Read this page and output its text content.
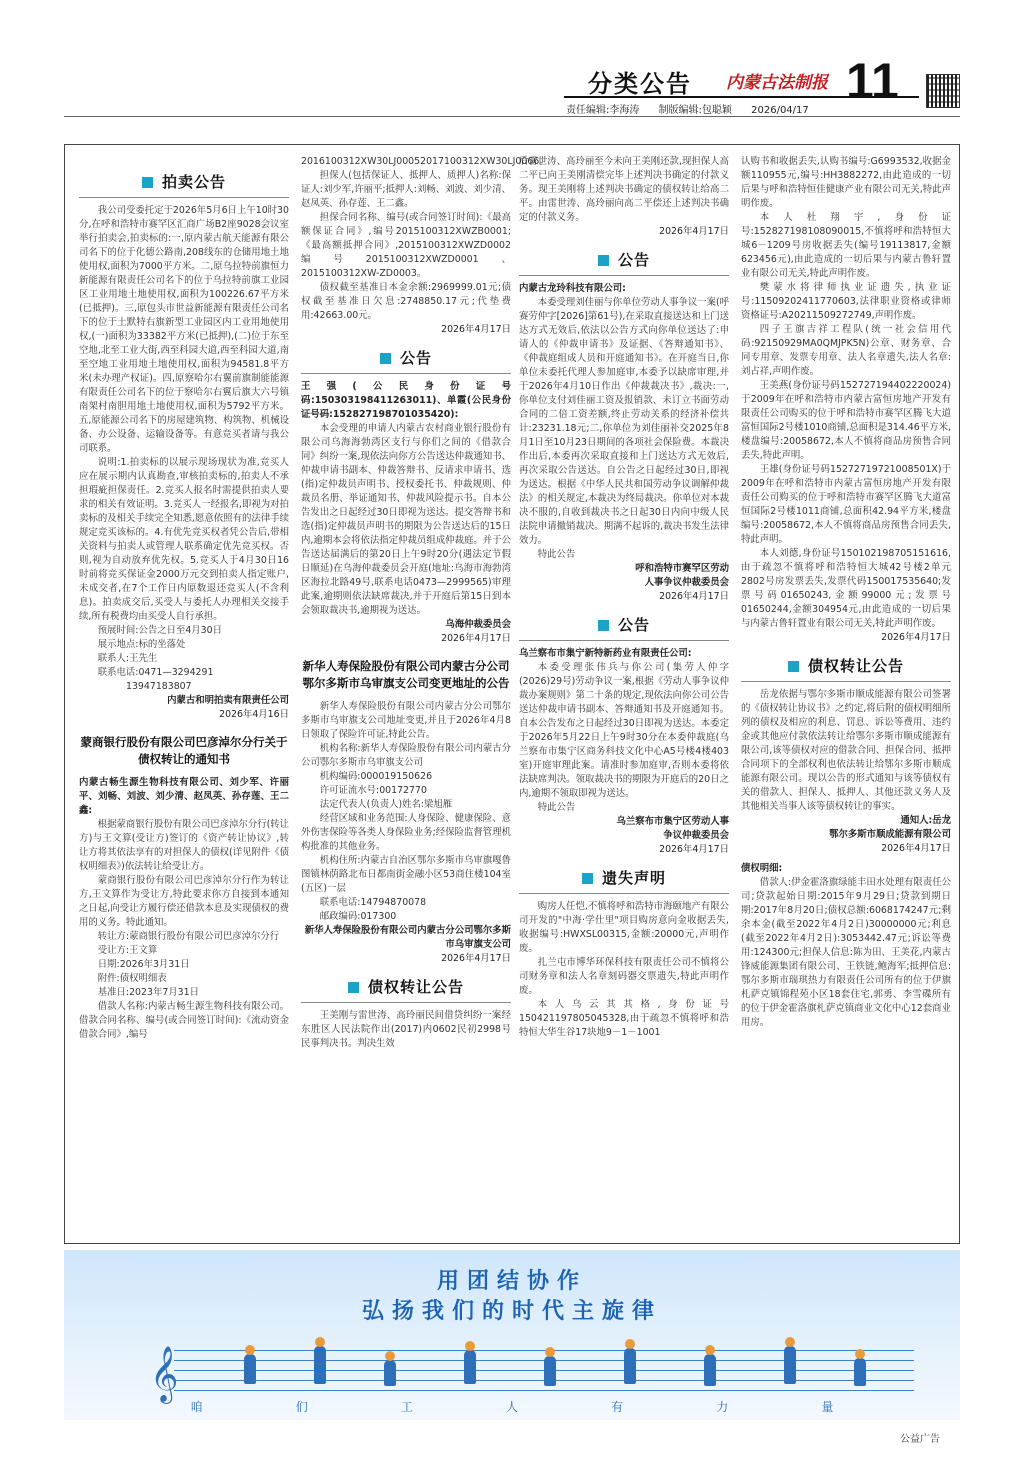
分类公告 内蒙古法制报 11
责任编辑:李海涛 制版编辑:包聪颖 2026/04/17
拍卖公告

我公司受委托定于2026年5月6日上午10时30分,在呼和浩特市赛罕区汇商广场B2座9028会议室举行拍卖会,拍卖标的:一,原内蒙古航天能源有限公司名下的位于化德公路南,208线东的仓储用地土地使用权,面积为7000平方米。二,原乌拉特前旗恒力新能源有限责任公司名下的位于乌拉特前旗工业园区工业用地土地使用权,面积为100226.67平方米(已抵押)。三,原包头市世益新能源有限责任公司名下的位于土默特右旗新型工业园区内工业用地使用权,(一)面积为33382平方米(已抵押),(二)位于东至空地,北至工业大街,西至科园大道,西至科园大道,南至空地工业用地土地使用权,面积为94581.8平方米(未办理产权证)。四,原察哈尔右翼前旗制能能源有限责任公司名下的位于察哈尔右翼后旗大六号镇南架村南胆用地土地使用权,面积为5792平方米。五,原能源公司名下的房屋建筑物、构筑物、机械设备、办公设备、运输设备等。有意竞买者请与我公司联系。

说明:1.拍卖标的以展示现场现状为准,竞买人应在展示期内认真勘查,审核拍卖标的,拍卖人不承担瑕疵担保责任。2.竞买人报名时需提供拍卖人要求的相关有效证明。3.竞买人一经报名,即视为对拍卖标的及相关手续完全知悉,愿意依照有的法律手续规定竞买该标的。4.有优先竞买权者凭公告后,带相关资料与拍卖人或管理人联系确定优先竞买权。否则,视为自动放弃优先权。5.竞买人于4月30日16时前将竞买保证金2000万元交到拍卖人指定账户,未成交者,在7个工作日内原数退还竞买人(不含利息)。拍卖成交后,买受人与委托人办理相关交接手续,所有税费均由买受人自行承担。

预展时间:公告之日至4月30日

展示地点:标的坐落处

联系人:王先生

联系电话:0471—3294291

13947183807

内蒙古和明拍卖有限责任公司

2026年4月16日

蒙商银行股份有限公司巴彦淖尔分行关于债权转让的通知书

内蒙古畅生源生物科技有限公司、刘少军、许丽平、刘畅、刘波、刘少清、赵凤英、孙存莲、王二鑫:

根据蒙商银行股份有限公司巴彦淖尔分行(转让方)与王文算(受让方)签订的《资产转让协议》,转让方将其依法享有的对担保人的债权(详见附件《债权明细表》)依法转让给受让方。

蒙商银行股份有限公司巴彦淖尔分行作为转让方,王文算作为受让方,特此要求你方自接到本通知之日起,向受让方履行偿还借款本息及实现债权的费用的义务。特此通知。

转让方:蒙商银行股份有限公司巴彦淖尔分行

受让方:王文算

日期:2026年3月31日

附件:债权明细表

基准日:2023年7月31日

借款人名称:内蒙古畅生源生物科技有限公司。借款合同名称、编号(或合同签订时间):《流动资金借款合同》,编号

2016100312XW30LJ00052017100312XW30LJ0066。

担保人(包括保证人、抵押人、质押人)名称:保证人:刘少军,许丽平;抵押人:刘畅、刘波、刘少清、赵凤英、孙存莲、王二鑫。

担保合同名称、编号(或合同签订时间):《最高额保证合同》,编号2015100312XWZB0001;《最高额抵押合同》,2015100312XWZD0002 编号2015100312XWZD0001、2015100312XW-ZD0003。

债权截至基准日本金余额:2969999.01元;债权截至基准日欠息:2748850.17元;代垫费用:42663.00元。

2026年4月17日

公告

王强(公民身份证号码:150303198411263011)、单霞(公民身份证号码:152827198701035420):

本会受理的申请人内蒙古农村商业银行股份有限公司乌海海勃湾区支行与你们之间的《借款合同》纠纷一案,现依法向你方公告送达仲裁通知书、仲裁申请书副本、仲裁答辩书、反请求申请书、选(指)定仲裁员声明书、授权委托书、仲裁规则、仲裁员名册、举证通知书、仲裁风险提示书。自本公告发出之日起经过30日即视为送达。提交答辩书和选(指)定仲裁员声明书的期限为公告送达后的15日内,逾期本会将依法指定仲裁员组成仲裁庭。并于公告送达届满后的第20日上午9时20分(遇法定节假日顺延)在乌海仲裁委员会开庭(地址:乌海市海勃湾区海拉北路49号,联系电话0473—2999565)审理此案,逾期则依法缺席裁决,并于开庭后第15日到本会领取裁决书,逾期视为送达。

乌海仲裁委员会

2026年4月17日

新华人寿保险股份有限公司内蒙古分公司鄂尔多斯市乌审旗支公司变更地址的公告

新华人寿保险股份有限公司内蒙古分公司鄂尔多斯市乌审旗支公司地址变更,并且于2026年4月8日领取了保险许可证,特此公告。

机构名称:新华人寿保险股份有限公司内蒙古分公司鄂尔多斯市乌审旗支公司

机构编码:000019150626

许可证流水号:00172770

法定代表人(负责人)姓名:梁旭雁

经营区域和业务范围:人身保险、健康保险、意外伤害保险等各类人身保险业务;经保险监督管理机构批准的其他业务。

机构住所:内蒙古自治区鄂尔多斯市乌审旗嘎鲁图镇林荫路北布日都南街金融小区53商住楼104室(五区)一层

联系电话:14794870078

邮政编码:017300

新华人寿保险股份有限公司内蒙古分公司鄂尔多斯市乌审旗支公司

2026年4月17日

债权转让公告

王美刚与雷世涛、高玲丽民间借贷纠纷一案经东胜区人民法院作出(2017)内0602民初2998号民事判决书。判决生效

后雷世涛、高玲丽至今未向王美刚还款,现担保人高二平已向王美刚清偿完毕上述判决书确定的付款义务。现王美刚将上述判决书确定的债权转让给高二平。由雷世涛、高玲丽向高二平偿还上述判决书确定的付款义务。

2026年4月17日

公告

内蒙古龙玲科技有限公司:

本委受理刘佳丽与你单位劳动人事争议一案(呼赛劳仲字[2026]第61号),在采取直接送达和上门送达方式无效后,依法以公告方式向你单位送达了:申请人的《仲裁申请书》及证据、《答辩通知书》、《仲裁庭组成人员和开庭通知书》。在开庭当日,你单位未委托代理人参加庭审,本委予以缺席审理,并于2026年4月10日作出《仲裁裁决书》,裁决:一,你单位支付刘佳丽工资及报销款、未订立书面劳动合同的二倍工资差额,终止劳动关系的经济补偿共计:23231.18元;二,你单位为刘佳丽补交2025年8月1日至10月23日期间的各项社会保险费。本裁决作出后,本委再次采取直接和上门送达方式无效后,再次采取公告送达。自公告之日起经过30日,即视为送达。根据《中华人民共和国劳动争议调解仲裁法》的相关规定,本裁决为终局裁决。你单位对本裁决不服的,自收到裁决书之日起30日内向中级人民法院申请撤销裁决。期满不起诉的,裁决书发生法律效力。

特此公告

呼和浩特市赛罕区劳动

人事争议仲裁委员会

2026年4月17日

公告

乌兰察布市集宁新特新药业有限责任公司:

本委受理张伟兵与你公司(集劳人仲字(2026)29号)劳动争议一案,根据《劳动人事争议仲裁办案规则》第二十条的规定,现依法向你公司公告送达仲裁申请书副本、答辩通知书及开庭通知书。自本公告发布之日起经过30日即视为送达。本委定于2026年5月22日上午9时30分在本委仲裁庭(乌兰察布市集宁区商务科技文化中心A5号楼4楼403室)开庭审理此案。请准时参加庭审,否则本委将依法缺席判决。领取裁决书的期限为开庭后的20日之内,逾期不领取即视为送达。

特此公告

乌兰察布市集宁区劳动人事

争议仲裁委员会

2026年4月17日

遗失声明

购房人任恺,不慎将呼和浩特市海颐地产有限公司开发的"中海·学仕里"项目购房意向金收据丢失,收据编号:HWXSL00315,金额:20000元,声明作废。

扎兰屯市博华环保科技有限责任公司不慎将公司财务章和法人名章刻码器交票遗失,特此声明作废。

本人乌云其其格,身份证号150421197805045328,由于疏忽不慎将呼和浩特恒大华生谷17块地9－1－1001

认购书和收据丢失,认购书编号:G6993532,收据金额110955元,编号:HH3882272,由此造成的一切后果与呼和浩特恒佳健康产业有限公司无关,特此声明作废。

本人杜翔宇,身份证号:152827198108090015,不慎将呼和浩特恒大城6－1209号房收据丢失(编号19113817,金额623456元),由此造成的一切后果与内蒙古鲁轩置业有限公司无关,特此声明作废。

樊蒙水将律师执业证遗失,执业证号:11509202411770603,法律职业资格或律师资格证号:A20211509272749,声明作废。

四子王旗吉祥工程队(统一社会信用代码:92150929MA0QMJPK5N)公章、财务章、合同专用章、发票专用章、法人名章遗失,法人名章:刘占祥,声明作废。

王美燕(身份证号码152727194402220024)于2009年在呼和浩特市内蒙古富恒房地产开发有限责任公司购买的位于呼和浩特市赛罕区腾飞大道富恒国际2号楼1010商铺,总面积是314.46平方米,楼盘编号:20058672,本人不慎将商品房预售合同丢失,特此声明。

王雄(身份证号码15272719721008501X)于2009年在呼和浩特市内蒙古富恒房地产开发有限责任公司购买的位于呼和浩特市赛罕区腾飞大道富恒国际2号楼1011商铺,总面积42.94平方米,楼盘编号:20058672,本人不慎将商品房预售合同丢失,特此声明。

本人刘德,身份证号150102198705151616,由于疏忽不慎将呼和浩特恒大城42号楼2单元2802号房发票丢失,发票代码150017535640;发票号码01650243,金额99000元;发票号01650244,金额304954元,由此造成的一切后果与内蒙古鲁轩置业有限公司无关,特此声明作废。

2026年4月17日

债权转让公告

岳龙依据与鄂尔多斯市顺成能源有限公司签署的《债权转让协议书》之约定,将后附的债权明细所列的债权及相应的利息、罚息、诉讼等费用、违约金或其他应付款依法转让给鄂尔多斯市顺成能源有限公司,该等债权对应的借款合同、担保合同、抵押合同项下的全部权利也依法转让给鄂尔多斯市顺成能源有限公司。现以公告的形式通知与该等债权有关的借款人、担保人、抵押人、其他还款义务人及其他相关当事人该等债权转让的事实。

通知人:岳龙

鄂尔多斯市顺成能源有限公司

2026年4月17日

债权明细:

借款人:伊金霍洛旗绿能丰田水处理有限责任公司;贷款起始日期:2015年9月29日;贷款到期日期:2017年8月20日;债权总额:6068174247元;剩余本金(截至2022年4月2日)30000000元;利息(截至2022年4月2日):3053442.47元;诉讼等费用:124300元;担保人信息:陈为田、王美花,内蒙古锋威能源集团有限公司、王铁链,鲍海军;抵押信息:鄂尔多斯市瑞琪热力有限责任公司所有的位于伊旗札萨克镇锦程苑小区18套住宅,郭勇、李雪碟所有的位于伊金霍洛旗札萨克镇商业文化中心12套商业用房。

用团结协作
弘扬我们的时代主旋律
𝄞
咱	们	工	人	有	力	量
公益广告
